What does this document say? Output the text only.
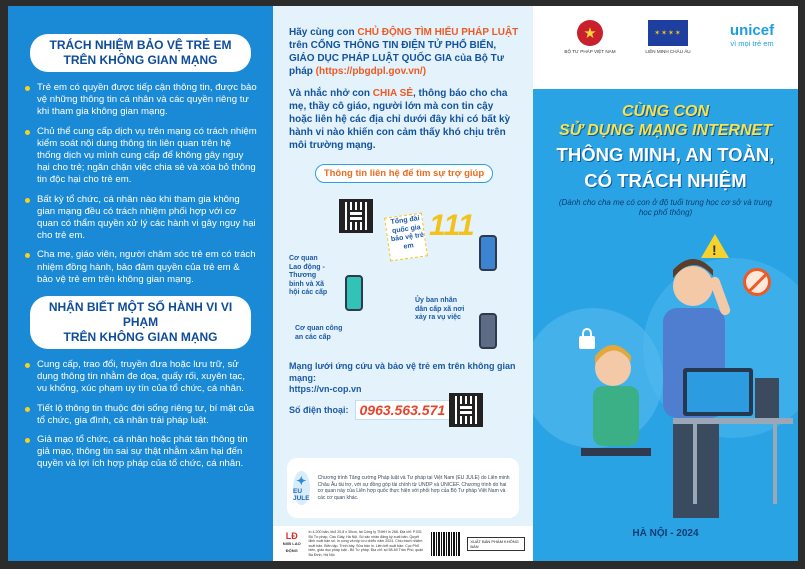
TRÁCH NHIỆM BẢO VỆ TRẺ EM
TRÊN KHÔNG GIAN MẠNG
Trẻ em có quyền được tiếp cận thông tin, được bảo vệ những thông tin cá nhân và các quyền riêng tư khi tham gia không gian mạng.
Chủ thể cung cấp dịch vụ trên mạng có trách nhiệm kiểm soát nội dung thông tin liên quan trên hệ thống dịch vụ mình cung cấp để không gây nguy hại cho trẻ; ngăn chặn việc chia sẻ và xóa bỏ thông tin độc hại cho trẻ em.
Bất kỳ tổ chức, cá nhân nào khi tham gia không gian mạng đều có trách nhiệm phối hợp với cơ quan có thẩm quyền xử lý các hành vi gây nguy hại cho trẻ em.
Cha mẹ, giáo viên, người chăm sóc trẻ em có trách nhiệm đồng hành, bảo đảm quyền của trẻ em & bảo vệ trẻ em trên không gian mạng.
NHẬN BIẾT MỘT SỐ HÀNH VI VI PHẠM
TRÊN KHÔNG GIAN MẠNG
Cung cấp, trao đổi, truyền đưa hoặc lưu trữ, sử dụng thông tin nhằm đe dọa, quấy rối, xuyên tạc, vu khống, xúc phạm uy tín của tổ chức, cá nhân.
Tiết lộ thông tin thuộc đời sống riêng tư, bí mật của tổ chức, gia đình, cá nhân trái pháp luật.
Giả mạo tổ chức, cá nhân hoặc phát tán thông tin giả mạo, thông tin sai sự thật nhằm xâm hại đến quyền và lợi ích hợp pháp của tổ chức, cá nhân.

Hãy cùng con CHỦ ĐỘNG TÌM HIỂU PHÁP LUẬT trên CỔNG THÔNG TIN ĐIỆN TỬ PHỔ BIẾN, GIÁO DỤC PHÁP LUẬT QUỐC GIA của Bộ Tư pháp (https://pbgdpl.gov.vn/)

Và nhắc nhở con CHIA SẺ, thông báo cho cha mẹ, thầy cô giáo, người lớn mà con tin cậy hoặc liên hệ các địa chỉ dưới đây khi có bất kỳ hành vi nào khiến con cảm thấy khó chịu trên môi trường mạng.

Thông tin liên hệ để tìm sự trợ giúp
Tổng đài quốc gia bảo vệ trẻ em
111
Cơ quan Lao động - Thương binh và Xã hội các cấp
Cơ quan công an các cấp
Ủy ban nhân dân cấp xã nơi xảy ra vụ việc
Mạng lưới ứng cứu và bảo vệ trẻ em trên không gian mạng:
https://vn-cop.vn
Số điện thoại: 0963.563.571
✦
EU JULE
Chương trình Tăng cường Pháp luật và Tư pháp tại Việt Nam (EU JULE) do Liên minh Châu Âu tài trợ, với sự đồng góp tài chính từ UNDP và UNICEF. Chương trình do hai cơ quan này của Liên hợp quốc thực hiện với phối hợp của Bộ Tư pháp Việt Nam và các cơ quan khác.
LĐ
NXB LAO ĐỘNG
In 4.200 bản, khổ 20,8 x 30cm, tại Công ty TNHH In 268. Địa chỉ: P.031 Bộ Tư pháp, Cầu Giấy, Hà Nội. Số xác nhận đăng ký xuất bản. Quyết định xuất bản số. In xong và nộp lưu chiểu năm 2024. Chịu trách nhiệm xuất bản. Biên tập. Trình bày. Sửa bản in. Liên kết xuất bản: Cục Phổ biến, giáo dục pháp luật - Bộ Tư pháp. Địa chỉ: số 58-60 Trần Phú, quận Ba Đình, Hà Nội.
XUẤT BẢN PHẨM KHÔNG BÁN
★
BỘ TƯ PHÁP VIỆT NAM
✶✶✶✶
LIÊN MINH CHÂU ÂU
unicef
vì mọi trẻ em
CÙNG CON
SỬ DỤNG MẠNG INTERNET
THÔNG MINH, AN TOÀN,
CÓ TRÁCH NHIỆM
(Dành cho cha mẹ có con ở độ tuổi trung học cơ sở và trung học phổ thông)
!
HÀ NỘI - 2024
